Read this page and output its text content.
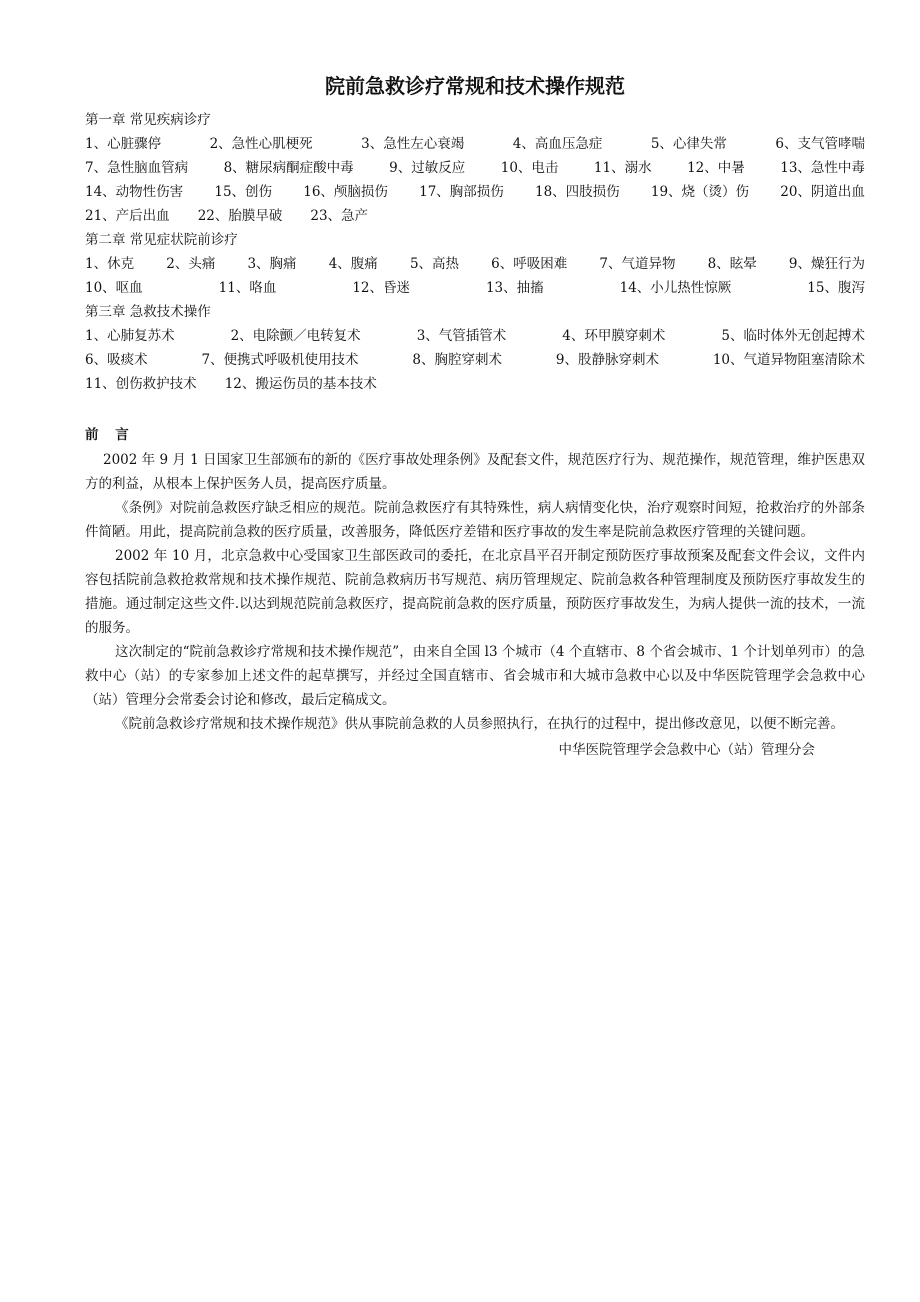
院前急救诊疗常规和技术操作规范
第一章 常见疾病诊疗
1、心脏骤停	2、急性心肌梗死	3、急性左心衰竭	4、高血压急症	5、心律失常	6、支气管哮喘
7、急性脑血管病	8、糖尿病酮症酸中毒	9、过敏反应	10、电击	11、溺水	12、中暑	13、急性中毒
14、动物性伤害 15、创伤 16、颅脑损伤 17、胸部损伤 18、四肢损伤 19、烧（烫）伤 20、阴道出血
21、产后出血 22、胎膜早破 23、急产
第二章 常见症状院前诊疗
1、休克 2、头痛 3、胸痛 4、腹痛 5、高热 6、呼吸困难 7、气道异物 8、眩晕 9、燥狂行为
10、呕血	11、咯血	12、昏迷	13、抽搐	14、小儿热性惊厥	15、腹泻
第三章 急救技术操作
1、心肺复苏术	2、电除颤／电转复术	3、气管插管术	4、环甲膜穿刺术	5、临时体外无创起搏术
6、吸痰术	7、便携式呼吸机使用技术	8、胸腔穿刺术	9、股静脉穿刺术	10、气道异物阻塞清除术
11、创伤救护技术 12、搬运伤员的基本技术
前 言

2002 年 9 月 1 日国家卫生部颁布的新的《医疗事故处理条例》及配套文件，规范医疗行为、规范操作，规范管理，维护医患双方的利益，从根本上保护医务人员，提高医疗质量。

《条例》对院前急救医疗缺乏相应的规范。院前急救医疗有其特殊性，病人病情变化快，治疗观察时间短，抢救治疗的外部条件简陋。用此，提高院前急救的医疗质量，改善服务，降低医疗差错和医疗事故的发生率是院前急救医疗管理的关键问题。

2002 年 10 月，北京急救中心受国家卫生部医政司的委托，在北京昌平召开制定预防医疗事故预案及配套文件会议，文件内容包括院前急救抢救常规和技术操作规范、院前急救病历书写规范、病历管理规定、院前急救各种管理制度及预防医疗事故发生的措施。通过制定这些文件.以达到规范院前急救医疗，提高院前急救的医疗质量，预防医疗事故发生，为病人提供一流的技术，一流的服务。

这次制定的“院前急救诊疗常规和技术操作规范”，由来自全国 l3 个城市（4 个直辖市、8 个省会城市、1 个计划单列市）的急救中心（站）的专家参加上述文件的起草撰写，并经过全国直辖市、省会城市和大城市急救中心以及中华医院管理学会急救中心（站）管理分会常委会讨论和修改，最后定稿成文。

《院前急救诊疗常规和技术操作规范》供从事院前急救的人员参照执行，在执行的过程中，提出修改意见，以便不断完善。

中华医院管理学会急救中心（站）管理分会
